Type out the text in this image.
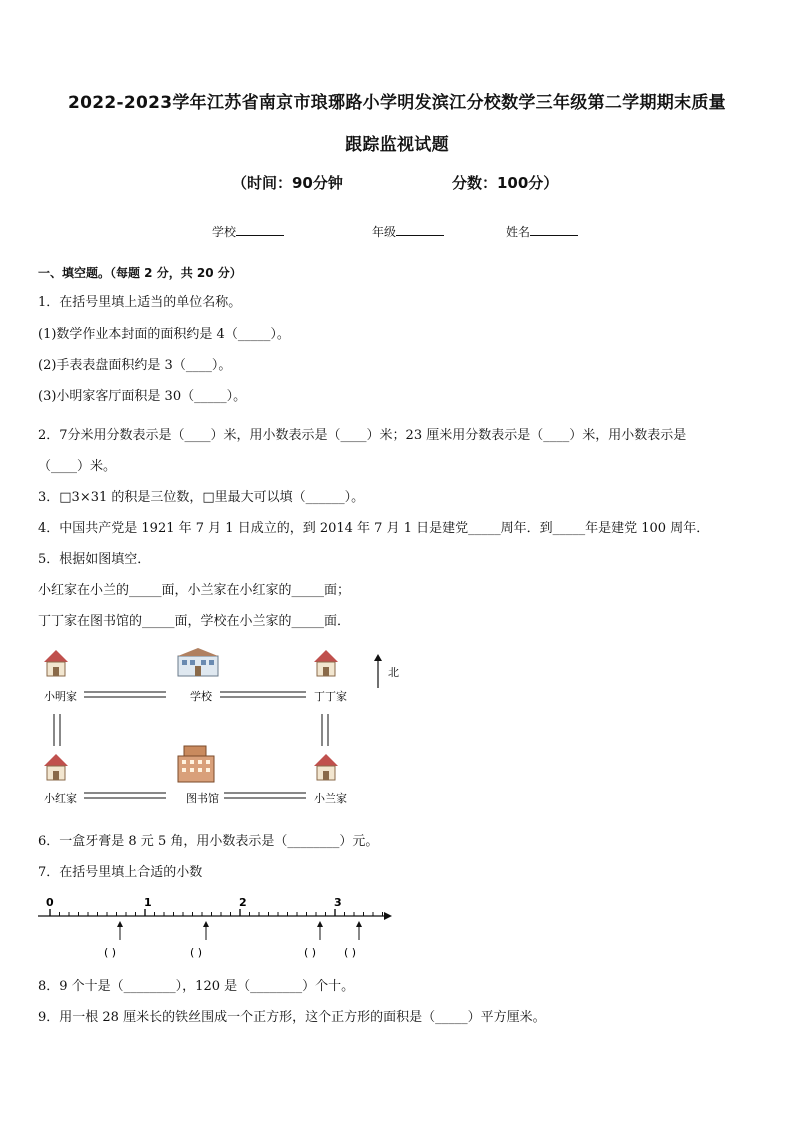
2022-2023学年江苏省南京市琅琊路小学明发滨江分校数学三年级第二学期期末质量
跟踪监视试题
（时间：90分钟	分数：100分）
学校	年级	姓名
一、填空题。（每题 2 分，共 20 分）
1．在括号里填上适当的单位名称。
(1)数学作业本封面的面积约是 4（_____）。
(2)手表表盘面积约是 3（____）。
(3)小明家客厅面积是 30（_____）。
2．7分米用分数表示是（____）米，用小数表示是（____）米；23 厘米用分数表示是（____）米，用小数表示是
（____）米。
3．□3×31 的积是三位数，□里最大可以填（______）。
4．中国共产党是 1921 年 7 月 1 日成立的，到 2014 年 7 月 1 日是建党_____周年．到_____年是建党 100 周年．
5．根据如图填空．
小红家在小兰的_____面，小兰家在小红家的_____面；
丁丁家在图书馆的_____面，学校在小兰家的_____面．
小明家	学校	丁丁家
小红家	图书馆	小兰家
北
6．一盒牙膏是 8 元 5 角，用小数表示是（________）元。
7．在括号里填上合适的小数
0	1	2	3
( )	( )	( )	( )
8．9 个十是（________），120 是（________）个十。
9．用一根 28 厘米长的铁丝围成一个正方形，这个正方形的面积是（_____）平方厘米。
